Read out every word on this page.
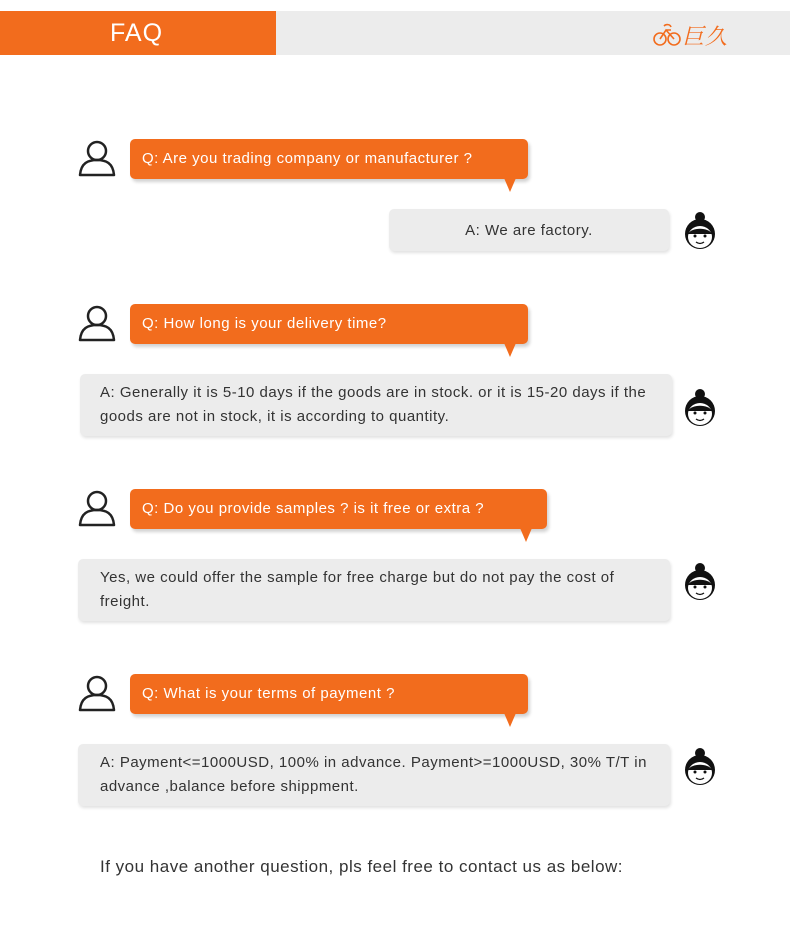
FAQ	巨久
Q: Are you trading company or manufacturer ?
A: We are factory.
Q: How long is your delivery time?
A: Generally it is 5-10 days if the goods are in stock. or it is 15-20 days if the goods are not in stock, it is according to quantity.
Q: Do you provide samples ? is it free or extra ?
Yes, we could offer the sample for free charge but do not pay the cost of freight.
Q: What is your terms of payment ?
A: Payment<=1000USD, 100% in advance. Payment>=1000USD, 30% T/T in advance ,balance before shippment.
If you have another question, pls feel free to contact us as below:
